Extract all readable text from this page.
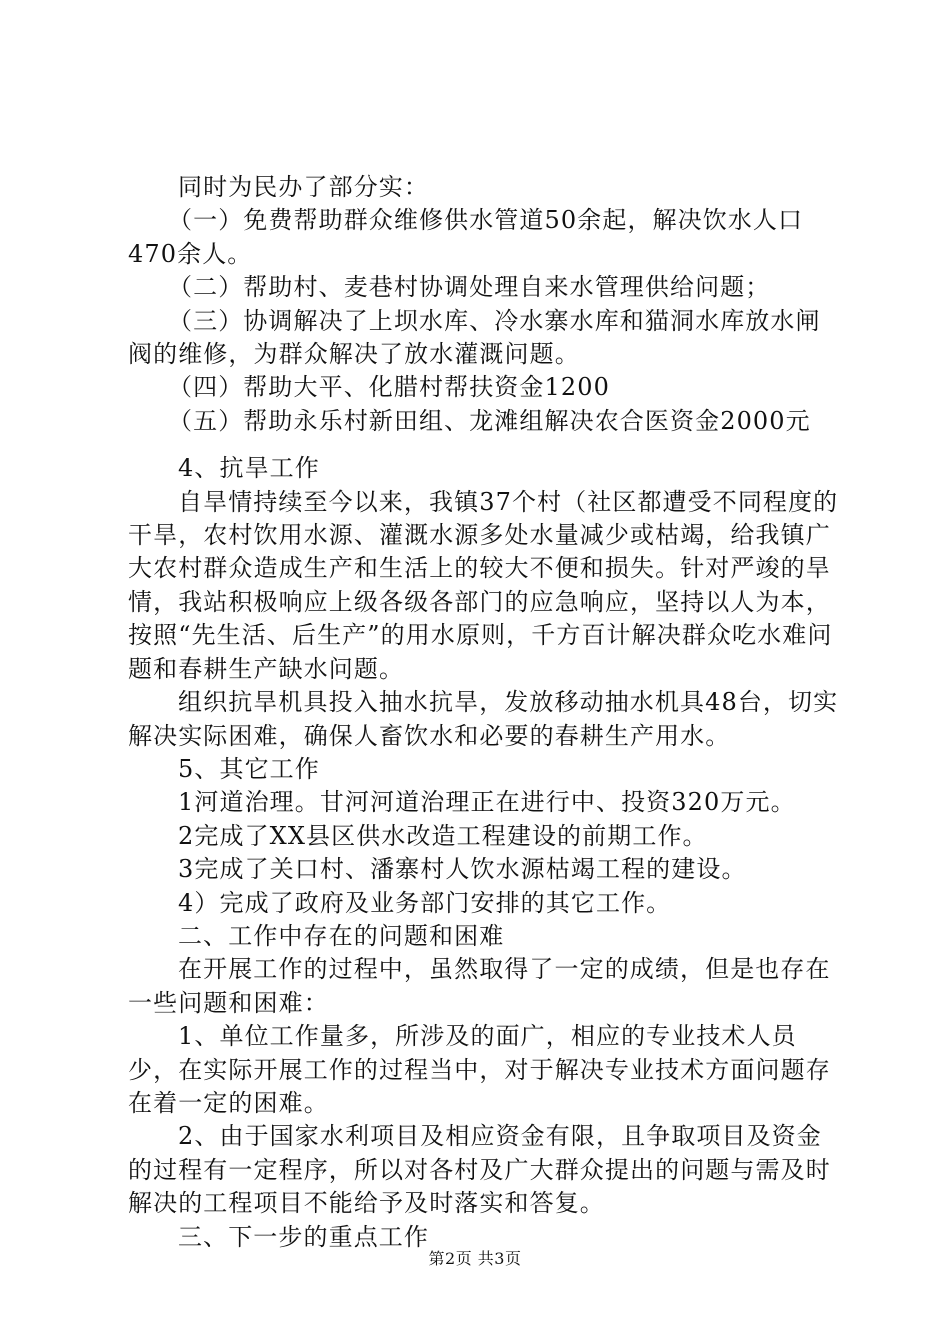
同时为民办了部分实：

（一）免费帮助群众维修供水管道50余起，解决饮水人口470余人。

（二）帮助村、麦巷村协调处理自来水管理供给问题；

（三）协调解决了上坝水库、冷水寨水库和猫洞水库放水闸阀的维修，为群众解决了放水灌溉问题。

（四）帮助大平、化腊村帮扶资金1200

（五）帮助永乐村新田组、龙滩组解决农合医资金2000元

4、抗旱工作

自旱情持续至今以来，我镇37个村（社区都遭受不同程度的干旱，农村饮用水源、灌溉水源多处水量减少或枯竭，给我镇广大农村群众造成生产和生活上的较大不便和损失。针对严竣的旱情，我站积极响应上级各级各部门的应急响应，坚持以人为本，按照“先生活、后生产”的用水原则，千方百计解决群众吃水难问题和春耕生产缺水问题。

组织抗旱机具投入抽水抗旱，发放移动抽水机具48台，切实解决实际困难，确保人畜饮水和必要的春耕生产用水。

5、其它工作

1河道治理。甘河河道治理正在进行中、投资320万元。

2完成了XX县区供水改造工程建设的前期工作。

3完成了关口村、潘寨村人饮水源枯竭工程的建设。

4）完成了政府及业务部门安排的其它工作。

二、工作中存在的问题和困难

在开展工作的过程中，虽然取得了一定的成绩，但是也存在一些问题和困难：

1、单位工作量多，所涉及的面广，相应的专业技术人员少，在实际开展工作的过程当中，对于解决专业技术方面问题存在着一定的困难。

2、由于国家水利项目及相应资金有限，且争取项目及资金的过程有一定程序，所以对各村及广大群众提出的问题与需及时解决的工程项目不能给予及时落实和答复。

三、下一步的重点工作

第2页 共3页
